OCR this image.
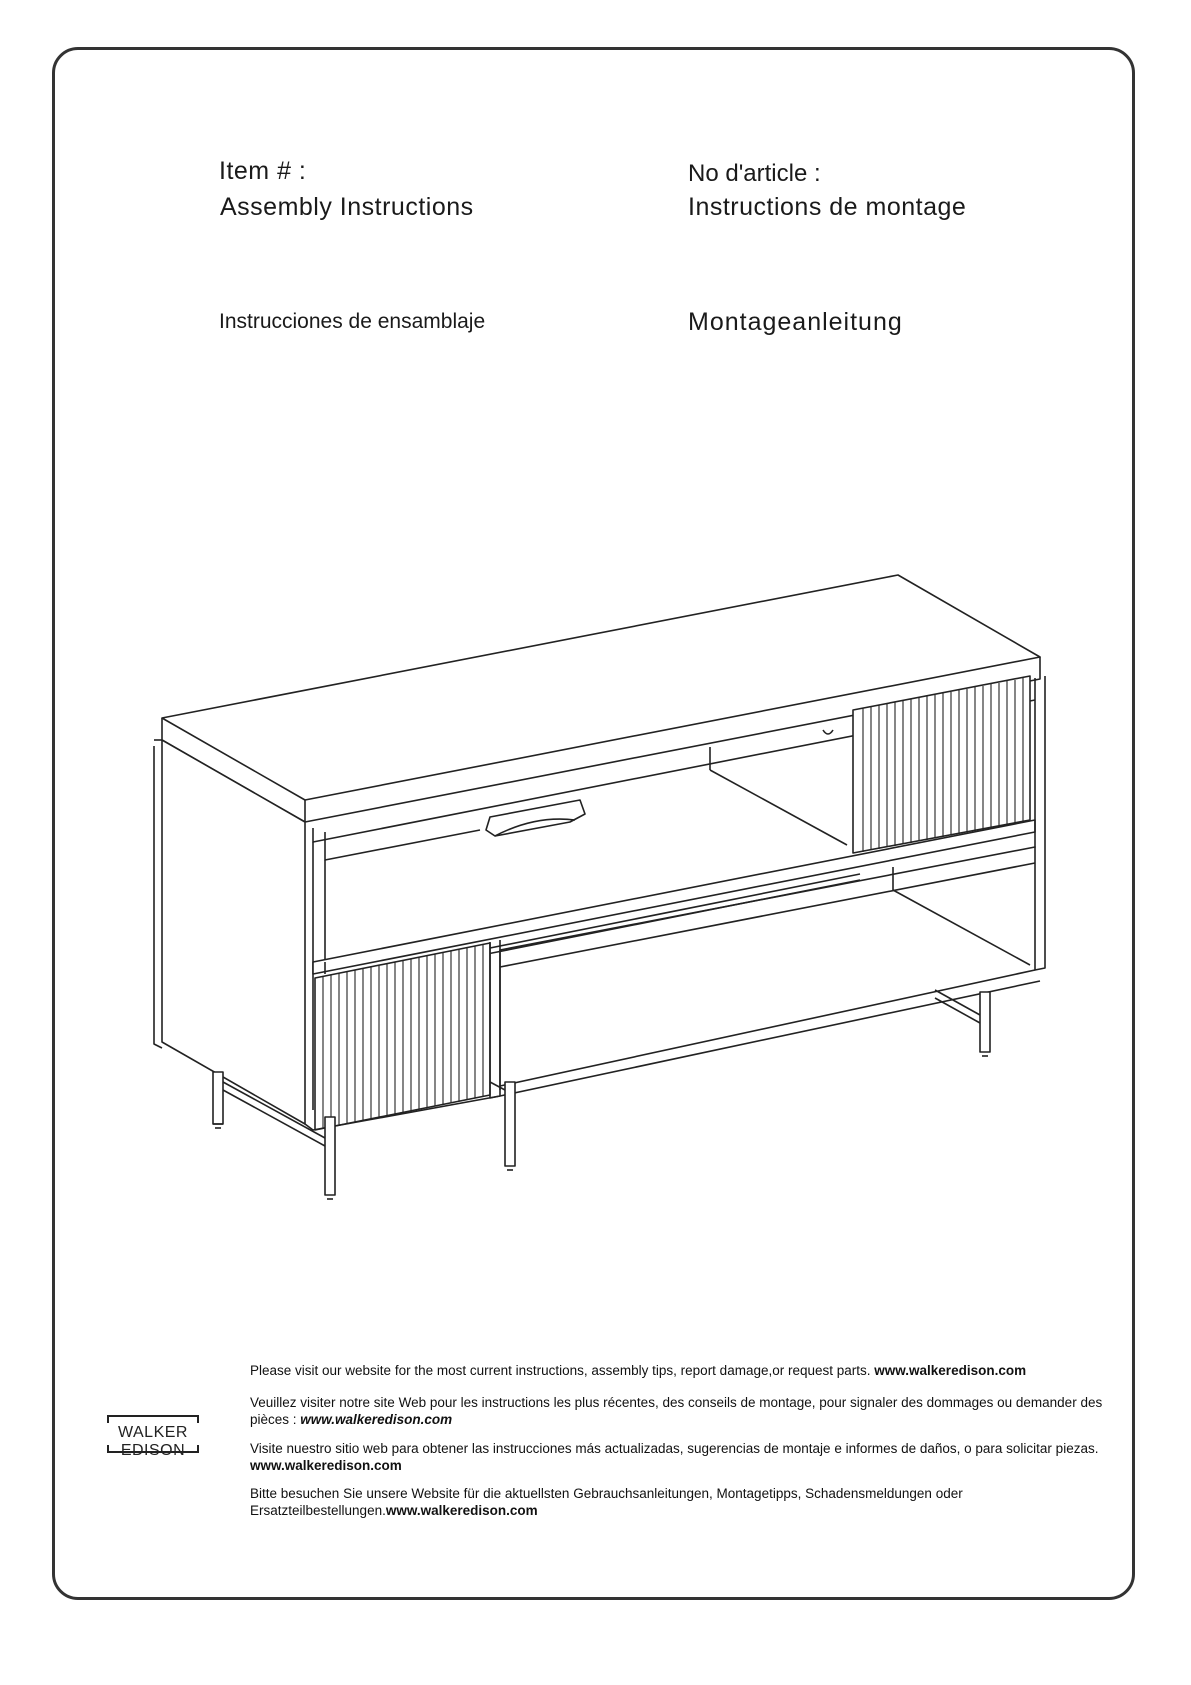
Item # :	No d'article :
Assembly Instructions	Instructions de montage
Instrucciones de ensamblaje	Montageanleitung
WALKER
Please visit our website for the most current instructions, assembly tips, report damage,or request parts. www.walkeredison.com
Veuillez visiter notre site Web pour les instructions les plus récentes, des conseils de montage, pour signaler des dommages ou demander des pièces : www.walkeredison.com
Visite nuestro sitio web para obtener las instrucciones más actualizadas, sugerencias de montaje e informes de daños, o para solicitar piezas. www.walkeredison.com
Bitte besuchen Sie unsere Website für die aktuellsten Gebrauchsanleitungen, Montagetipps, Schadensmeldungen oder Ersatzteilbestellungen.www.walkeredison.com
